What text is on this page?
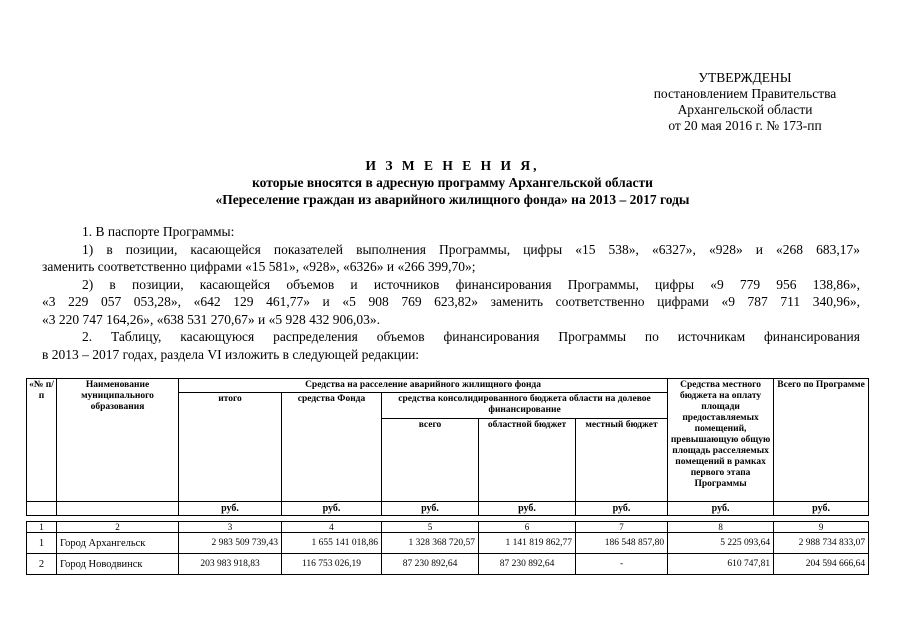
УТВЕРЖДЕНЫ
постановлением Правительства
Архангельской области
от 20 мая 2016 г. № 173-пп
И З М Е Н Е Н И Я,
которые вносятся в адресную программу Архангельской области
«Переселение граждан из аварийного жилищного фонда» на 2013 – 2017 годы

1. В паспорте Программы:

1) в позиции, касающейся показателей выполнения Программы, цифры «15 538», «6327», «928» и «268 683,17»

заменить соответственно цифрами «15 581», «928», «6326» и «266 399,70»;

2) в позиции, касающейся объемов и источников финансирования Программы, цифры «9 779 956 138,86»,

«3 229 057 053,28», «642 129 461,77» и «5 908 769 623,82» заменить соответственно цифрами «9 787 711 340,96»,

«3 220 747 164,26», «638 531 270,67» и «5 928 432 906,03».

2. Таблицу, касающуюся распределения объемов финансирования Программы по источникам финансирования

в 2013 – 2017 годах, раздела VI изложить в следующей редакции:

«№ п/п	Наименование муниципального образования	Средства на расселение аварийного жилищного фонда					Средства местного бюджета на оплату площади предоставляемых помещений, превышающую общую площадь расселяемых помещений в рамках первого этапа Программы	Всего по Программе
		итого	средства Фонда	средства консолидированного бюджета области на долевое финансирование				
				всего	областной бюджет	местный бюджет		
		руб.	руб.	руб.	руб.	руб.	руб.	руб.

1	2	3	4	5	6	7	8	9
1	Город Архангельск	2 983 509 739,43	1 655 141 018,86	1 328 368 720,57	1 141 819 862,77	186 548 857,80	5 225 093,64	2 988 734 833,07
2	Город Новодвинск	203 983 918,83	116 753 026,19	87 230 892,64	87 230 892,64	-	610 747,81	204 594 666,64
